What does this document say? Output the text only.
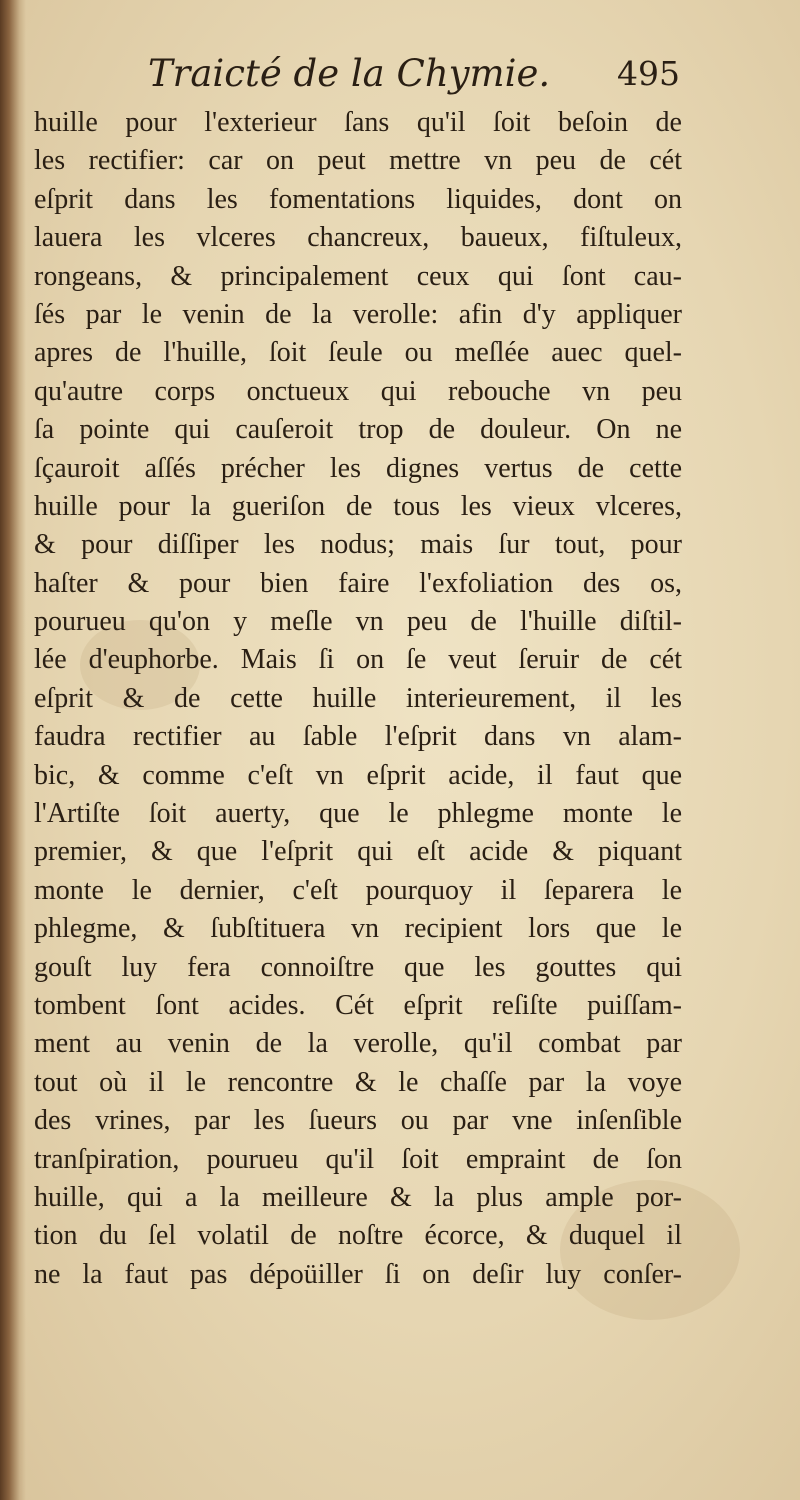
Traicté de la Chymie. 495
huille pour l'exterieur ſans qu'il ſoit beſoin de
les rectifier: car on peut mettre vn peu de cét
eſprit dans les fomentations liquides, dont on
lauera les vlceres chancreux, baueux, fiſtuleux,
rongeans, & principalement ceux qui ſont cau-
ſés par le venin de la verolle: afin d'y appliquer
apres de l'huille, ſoit ſeule ou meſlée auec quel-
qu'autre corps onctueux qui rebouche vn peu
ſa pointe qui cauſeroit trop de douleur. On ne
ſçauroit aſſés précher les dignes vertus de cette
huille pour la gueriſon de tous les vieux vlceres,
& pour diſſiper les nodus; mais ſur tout, pour
haſter & pour bien faire l'exfoliation des os,
pourueu qu'on y meſle vn peu de l'huille diſtil-
lée d'euphorbe. Mais ſi on ſe veut ſeruir de cét
eſprit & de cette huille interieurement, il les
faudra rectifier au ſable l'eſprit dans vn alam-
bic, & comme c'eſt vn eſprit acide, il faut que
l'Artiſte ſoit auerty, que le phlegme monte le
premier, & que l'eſprit qui eſt acide & piquant
monte le dernier, c'eſt pourquoy il ſeparera le
phlegme, & ſubſtituera vn recipient lors que le
gouſt luy fera connoiſtre que les gouttes qui
tombent ſont acides. Cét eſprit reſiſte puiſſam-
ment au venin de la verolle, qu'il combat par
tout où il le rencontre & le chaſſe par la voye
des vrines, par les ſueurs ou par vne inſenſible
tranſpiration, pourueu qu'il ſoit empraint de ſon
huille, qui a la meilleure & la plus ample por-
tion du ſel volatil de noſtre écorce, & duquel il
ne la faut pas dépoüiller ſi on deſir luy conſer-
